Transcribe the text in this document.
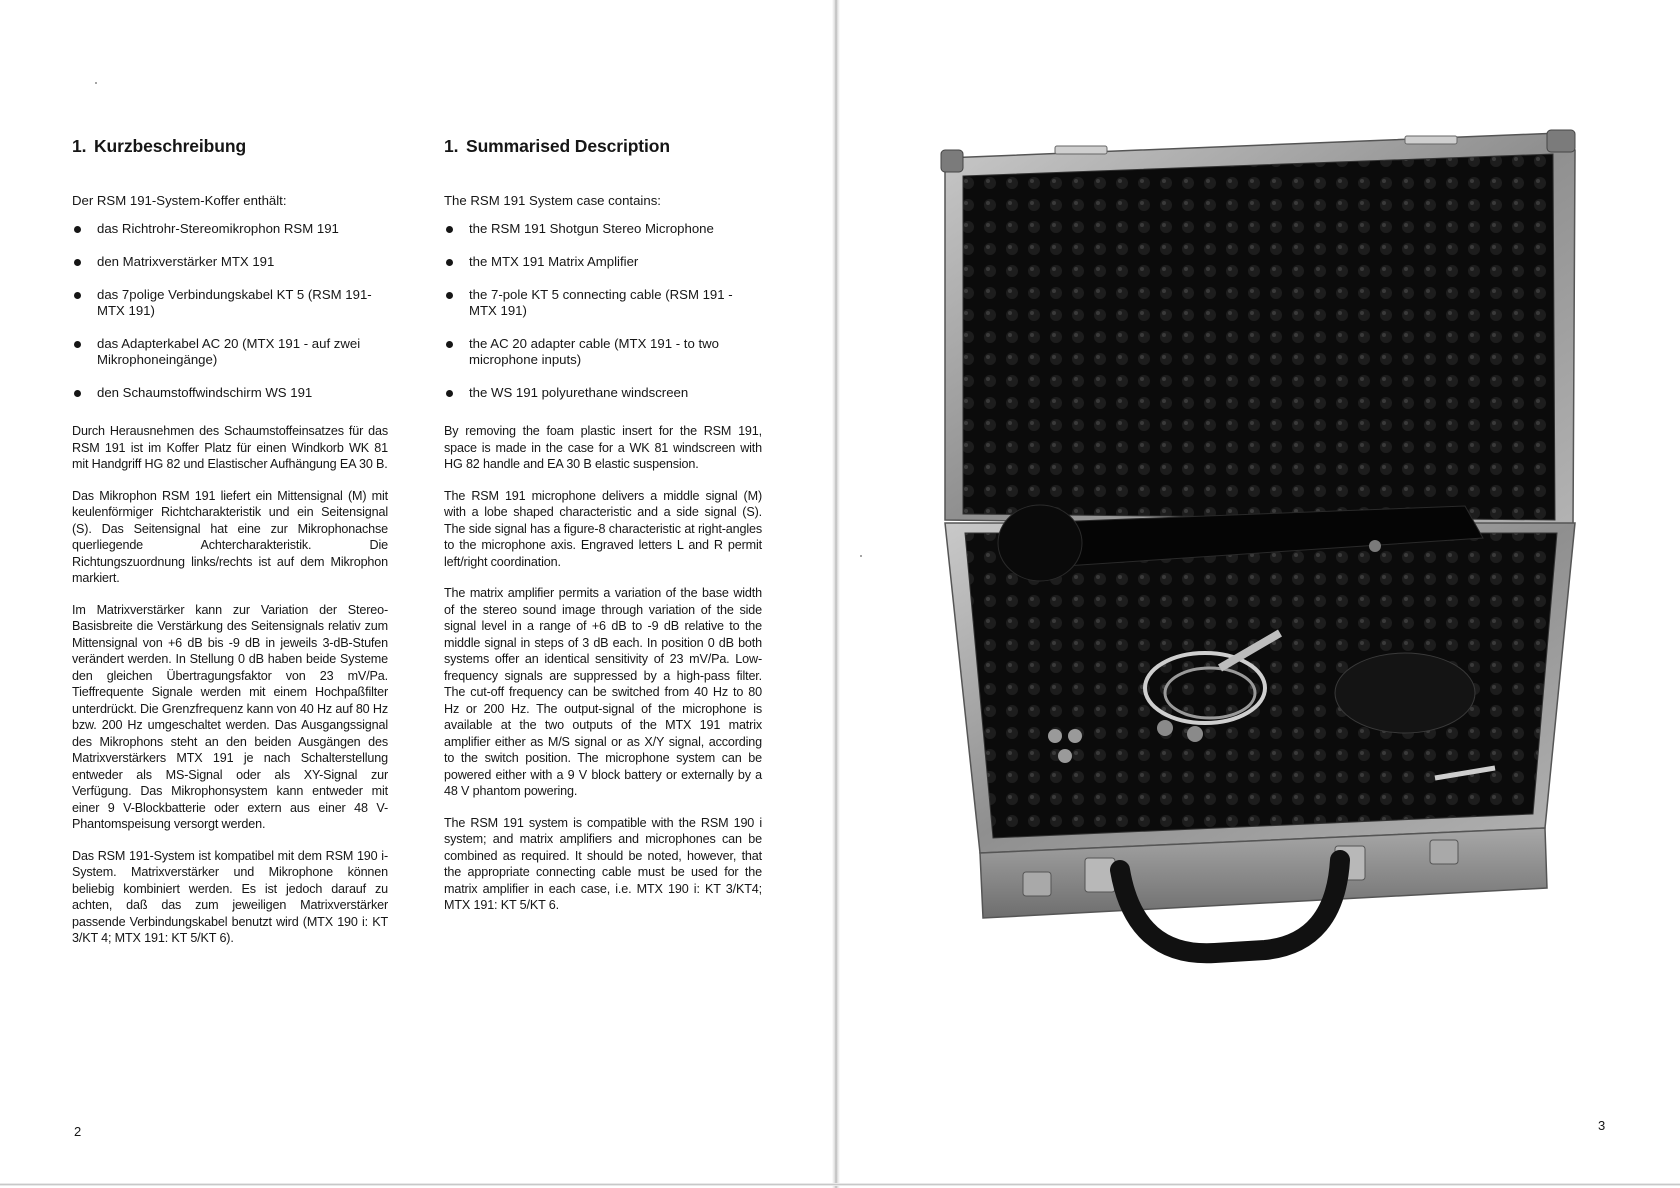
1. Kurzbeschreibung

Der RSM 191-System-Koffer enthält:

das Richtrohr-Stereomikrophon RSM 191
den Matrixverstärker MTX 191
das 7polige Verbindungskabel KT 5 (RSM 191-MTX 191)
das Adapterkabel AC 20 (MTX 191 - auf zwei Mikrophoneingänge)
den Schaumstoffwindschirm WS 191

Durch Herausnehmen des Schaumstoffeinsatzes für das RSM 191 ist im Koffer Platz für einen Windkorb WK 81 mit Handgriff HG 82 und Elastischer Aufhängung EA 30 B.

Das Mikrophon RSM 191 liefert ein Mittensignal (M) mit keulenförmiger Richtcharakteristik und ein Seitensignal (S). Das Seitensignal hat eine zur Mikrophonachse querliegende Achtercharakteristik. Die Richtungszuordnung links/rechts ist auf dem Mikrophon markiert.

Im Matrixverstärker kann zur Variation der Stereo-Basisbreite die Verstärkung des Seitensignals relativ zum Mittensignal von +6 dB bis -9 dB in jeweils 3-dB-Stufen verändert werden. In Stellung 0 dB haben beide Systeme den gleichen Übertragungsfaktor von 23 mV/Pa. Tieffrequente Signale werden mit einem Hochpaßfilter unterdrückt. Die Grenzfrequenz kann von 40 Hz auf 80 Hz bzw. 200 Hz umgeschaltet werden. Das Ausgangssignal des Mikrophons steht an den beiden Ausgängen des Matrixverstärkers MTX 191 je nach Schalterstellung entweder als MS-Signal oder als XY-Signal zur Verfügung. Das Mikrophonsystem kann entweder mit einer 9 V-Blockbatterie oder extern aus einer 48 V-Phantomspeisung versorgt werden.

Das RSM 191-System ist kompatibel mit dem RSM 190 i-System. Matrixverstärker und Mikrophone können beliebig kombiniert werden. Es ist jedoch darauf zu achten, daß das zum jeweiligen Matrixverstärker passende Verbindungskabel benutzt wird (MTX 190 i: KT 3/KT 4; MTX 191: KT 5/KT 6).

1. Summarised Description

The RSM 191 System case contains:

the RSM 191 Shotgun Stereo Microphone
the MTX 191 Matrix Amplifier
the 7-pole KT 5 connecting cable (RSM 191 - MTX 191)
the AC 20 adapter cable (MTX 191 - to two microphone inputs)
the WS 191 polyurethane windscreen

By removing the foam plastic insert for the RSM 191, space is made in the case for a WK 81 windscreen with HG 82 handle and EA 30 B elastic suspension.

The RSM 191 microphone delivers a middle signal (M) with a lobe shaped characteristic and a side signal (S). The side signal has a figure-8 characteristic at right-angles to the microphone axis. Engraved letters L and R permit left/right coordination.

The matrix amplifier permits a variation of the base width of the stereo sound image through variation of the side signal level in a range of +6 dB to -9 dB relative to the middle signal in steps of 3 dB each. In position 0 dB both systems offer an identical sensitivity of 23 mV/Pa. Low-frequency signals are suppressed by a high-pass filter. The cut-off frequency can be switched from 40 Hz to 80 Hz or 200 Hz. The output-signal of the microphone is available at the two outputs of the MTX 191 matrix amplifier either as M/S signal or as X/Y signal, according to the switch position. The microphone system can be powered either with a 9 V block battery or externally by a 48 V phantom powering.

The RSM 191 system is compatible with the RSM 190 i system; and matrix amplifiers and microphones can be combined as required. It should be noted, however, that the appropriate connecting cable must be used for the matrix amplifier in each case, i.e. MTX 190 i: KT 3/KT4; MTX 191: KT 5/KT 6.

2	3
